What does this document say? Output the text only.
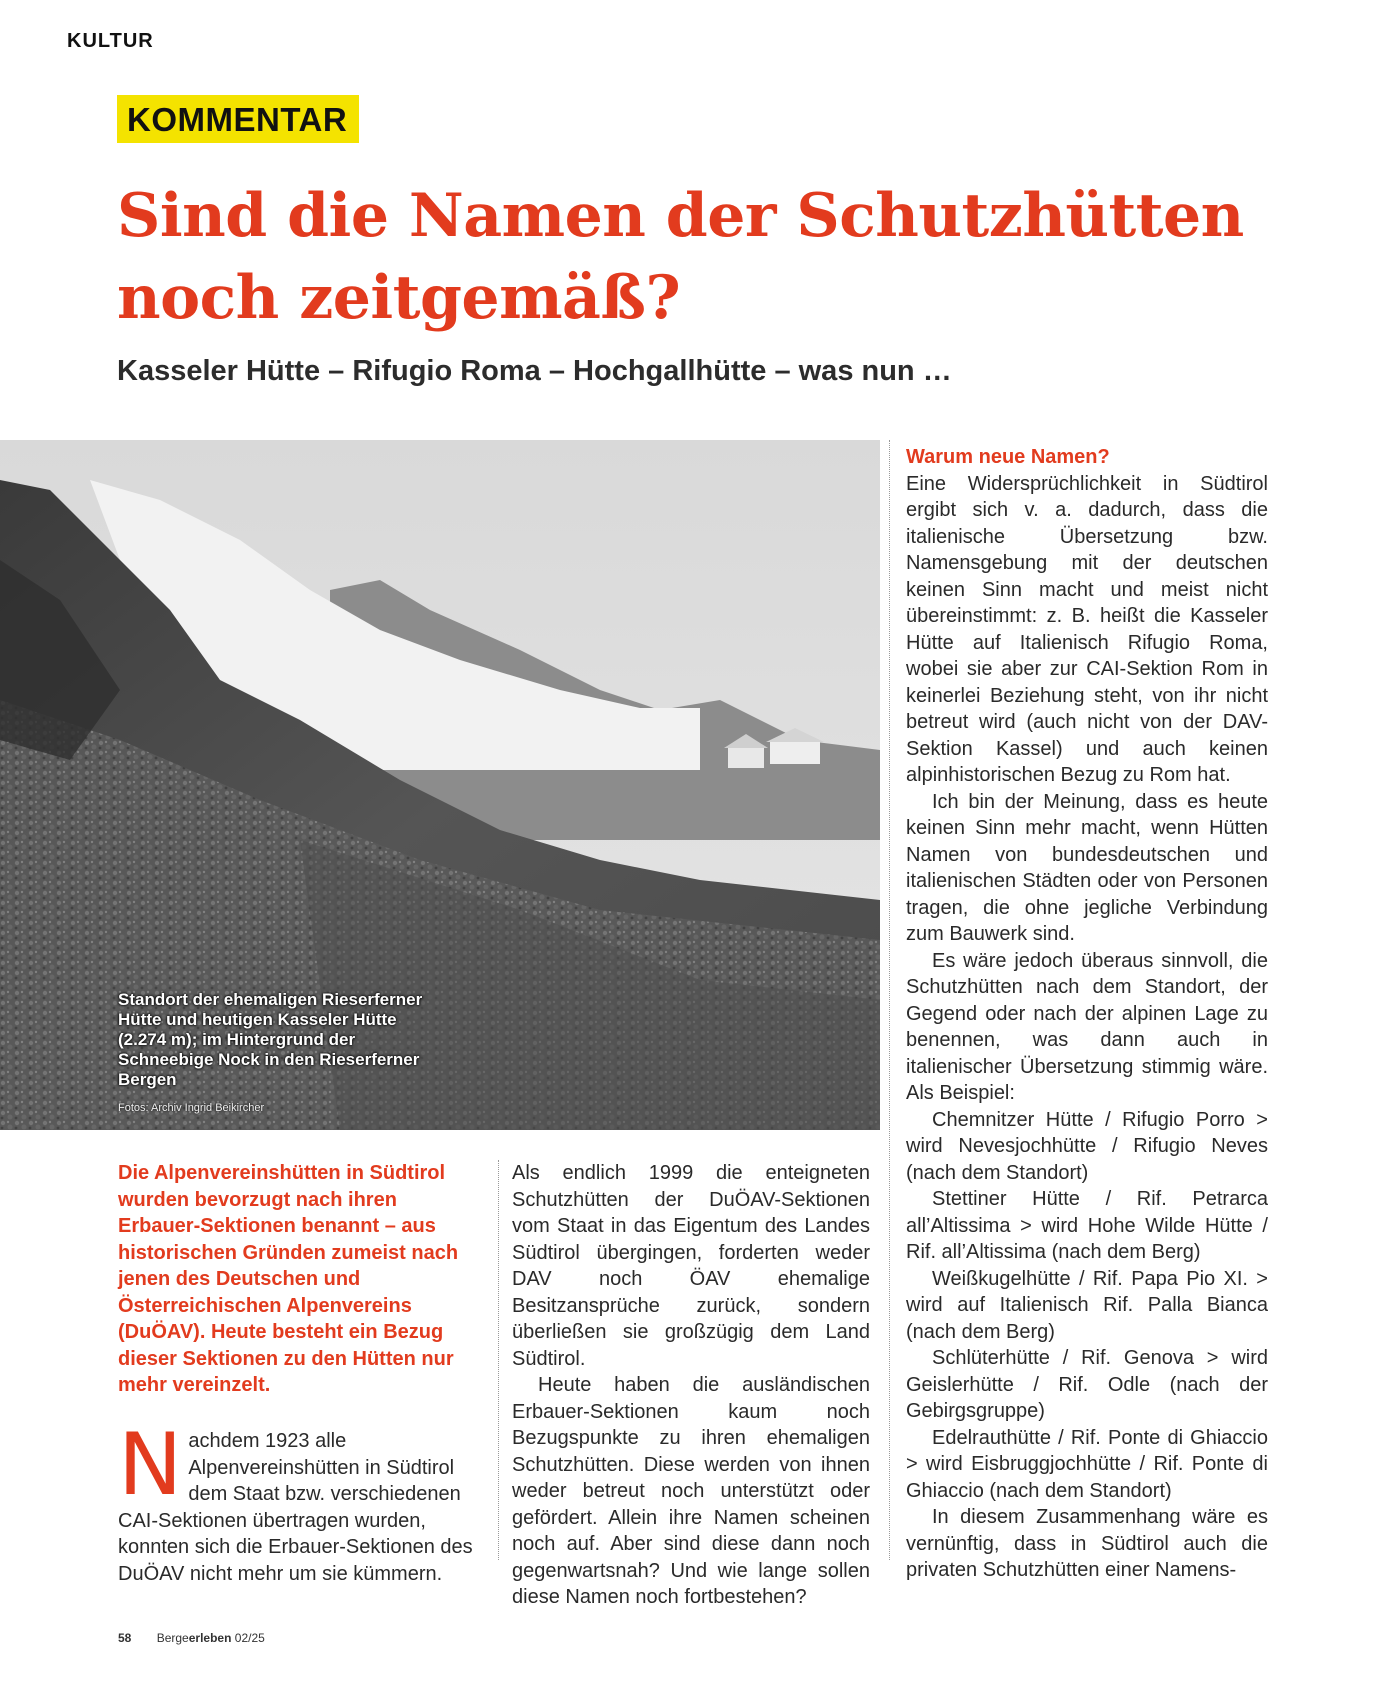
KULTUR
KOMMENTAR
Sind die Namen der Schutzhütten noch zeitgemäß?
Kasseler Hütte – Rifugio Roma – Hochgallhütte – was nun …
Standort der ehemaligen Rieserferner Hütte und heutigen Kasseler Hütte (2.274 m); im Hintergrund der Schneebige Nock in den Rieserferner Bergen
Fotos: Archiv Ingrid Beikircher
Die Alpenvereinshütten in Südtirol wurden bevorzugt nach ihren Erbauer-Sektionen benannt – aus historischen Gründen zumeist nach jenen des Deutschen und Österreichischen Alpenvereins (DuÖAV). Heute besteht ein Bezug dieser Sektionen zu den Hütten nur mehr vereinzelt.
Nachdem 1923 alle Alpenvereinshütten in Südtirol dem Staat bzw. verschiedenen CAI-Sektionen übertragen wurden, konnten sich die Erbauer-Sektionen des DuÖAV nicht mehr um sie kümmern.

Als endlich 1999 die enteigneten Schutzhütten der DuÖAV-Sektionen vom Staat in das Eigentum des Landes Südtirol übergingen, forderten weder DAV noch ÖAV ehemalige Besitzansprüche zurück, sondern überließen sie großzügig dem Land Südtirol.

Heute haben die ausländischen Erbauer-Sektionen kaum noch Bezugspunkte zu ihren ehemaligen Schutzhütten. Diese werden von ihnen weder betreut noch unterstützt oder gefördert. Allein ihre Namen scheinen noch auf. Aber sind diese dann noch gegenwartsnah? Und wie lange sollen diese Namen noch fortbestehen?

Warum neue Namen?

Eine Widersprüchlichkeit in Südtirol ergibt sich v. a. dadurch, dass die italienische Übersetzung bzw. Namensgebung mit der deutschen keinen Sinn macht und meist nicht übereinstimmt: z. B. heißt die Kasseler Hütte auf Italienisch Rifugio Roma, wobei sie aber zur CAI-Sektion Rom in keinerlei Beziehung steht, von ihr nicht betreut wird (auch nicht von der DAV-Sektion Kassel) und auch keinen alpinhistorischen Bezug zu Rom hat.

Ich bin der Meinung, dass es heute keinen Sinn mehr macht, wenn Hütten Namen von bundesdeutschen und italienischen Städten oder von Personen tragen, die ohne jegliche Verbindung zum Bauwerk sind.

Es wäre jedoch überaus sinnvoll, die Schutzhütten nach dem Standort, der Gegend oder nach der alpinen Lage zu benennen, was dann auch in italienischer Übersetzung stimmig wäre. Als Beispiel:

Chemnitzer Hütte / Rifugio Porro > wird Nevesjochhütte / Rifugio Neves (nach dem Standort)

Stettiner Hütte / Rif. Petrarca all’Altissima > wird Hohe Wilde Hütte / Rif. all’Altissima (nach dem Berg)

Weißkugelhütte / Rif. Papa Pio XI. > wird auf Italienisch Rif. Palla Bianca (nach dem Berg)

Schlüterhütte / Rif. Genova > wird Geislerhütte / Rif. Odle (nach der Gebirgsgruppe)

Edelrauthütte / Rif. Ponte di Ghiaccio > wird Eisbruggjochhütte / Rif. Ponte di Ghiaccio (nach dem Standort)

In diesem Zusammenhang wäre es vernünftig, dass in Südtirol auch die privaten Schutzhütten einer Namens-

58 Bergeerleben 02/25
